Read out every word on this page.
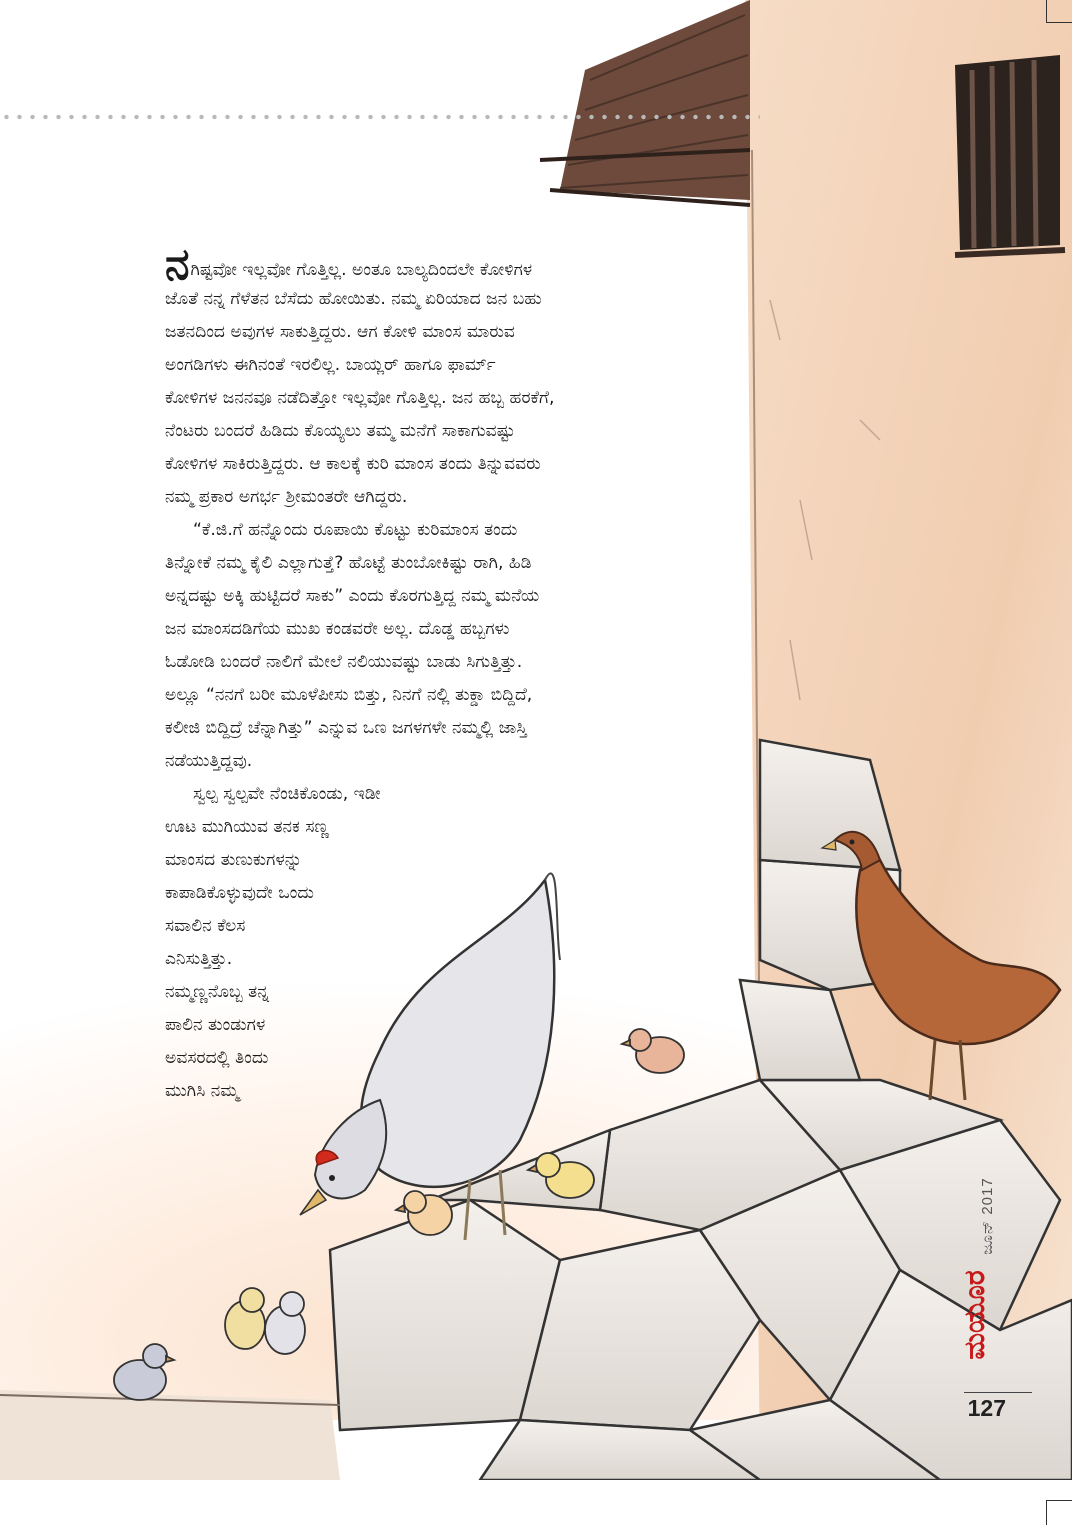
ನಗಿಷ್ಟವೋ ಇಲ್ಲವೋ ಗೊತ್ತಿಲ್ಲ. ಅಂತೂ ಬಾಲ್ಯದಿಂದಲೇ ಕೋಳಿಗಳ
ಜೊತೆ ನನ್ನ ಗೆಳೆತನ ಬೆಸೆದು ಹೋಯಿತು. ನಮ್ಮ ಏರಿಯಾದ ಜನ ಬಹು
ಜತನದಿಂದ ಅವುಗಳ ಸಾಕುತ್ತಿದ್ದರು. ಆಗ ಕೋಳಿ ಮಾಂಸ ಮಾರುವ
ಅಂಗಡಿಗಳು ಈಗಿನಂತೆ ಇರಲಿಲ್ಲ. ಬಾಯ್ಲರ್ ಹಾಗೂ ಫಾರ್ಮ್
ಕೋಳಿಗಳ ಜನನವೂ ನಡೆದಿತ್ತೋ ಇಲ್ಲವೋ ಗೊತ್ತಿಲ್ಲ. ಜನ ಹಬ್ಬ ಹರಕೆಗೆ,
ನೆಂಟರು ಬಂದರೆ ಹಿಡಿದು ಕೊಯ್ಯಲು ತಮ್ಮ ಮನೆಗೆ ಸಾಕಾಗುವಷ್ಟು
ಕೋಳಿಗಳ ಸಾಕಿರುತ್ತಿದ್ದರು. ಆ ಕಾಲಕ್ಕೆ ಕುರಿ ಮಾಂಸ ತಂದು ತಿನ್ನುವವರು
ನಮ್ಮ ಪ್ರಕಾರ ಅಗರ್ಭ ಶ್ರೀಮಂತರೇ ಆಗಿದ್ದರು.
“ಕೆ.ಜಿ.ಗೆ ಹನ್ನೊಂದು ರೂಪಾಯಿ ಕೊಟ್ಟು ಕುರಿಮಾಂಸ ತಂದು
ತಿನ್ನೋಕೆ ನಮ್ಮ ಕೈಲಿ ಎಲ್ಲಾಗುತ್ತೆ? ಹೊಟ್ಟೆ ತುಂಬೋಕಿಷ್ಟು ರಾಗಿ, ಹಿಡಿ
ಅನ್ನದಷ್ಟು ಅಕ್ಕಿ ಹುಟ್ಟಿದರೆ ಸಾಕು” ಎಂದು ಕೊರಗುತ್ತಿದ್ದ ನಮ್ಮ ಮನೆಯ
ಜನ ಮಾಂಸದಡಿಗೆಯ ಮುಖ ಕಂಡವರೇ ಅಲ್ಲ. ದೊಡ್ಡ ಹಬ್ಬಗಳು
ಓಡೋಡಿ ಬಂದರೆ ನಾಲಿಗೆ ಮೇಲೆ ನಲಿಯುವಷ್ಟು ಬಾಡು ಸಿಗುತ್ತಿತ್ತು.
ಅಲ್ಲೂ “ನನಗೆ ಬರೀ ಮೂಳೆಪೀಸು ಬಿತ್ತು, ನಿನಗೆ ನಲ್ಲಿ ತುಕ್ಡಾ ಬಿದ್ದಿದೆ,
ಕಲೀಜಿ ಬಿದ್ದಿದ್ರೆ ಚೆನ್ನಾಗಿತ್ತು” ಎನ್ನುವ ಒಣ ಜಗಳಗಳೇ ನಮ್ಮಲ್ಲಿ ಜಾಸ್ತಿ
ನಡೆಯುತ್ತಿದ್ದವು.
ಸ್ವಲ್ಪ ಸ್ವಲ್ಪವೇ ನೆಂಚಿಕೊಂಡು, ಇಡೀ
ಊಟ ಮುಗಿಯುವ ತನಕ ಸಣ್ಣ
ಮಾಂಸದ ತುಣುಕುಗಳನ್ನು
ಕಾಪಾಡಿಕೊಳ್ಳುವುದೇ ಒಂದು
ಸವಾಲಿನ ಕೆಲಸ
ಎನಿಸುತ್ತಿತ್ತು.
ನಮ್ಮಣ್ಣನೊಬ್ಬ ತನ್ನ
ಪಾಲಿನ ತುಂಡುಗಳ
ಅವಸರದಲ್ಲಿ ತಿಂದು
ಮುಗಿಸಿ ನಮ್ಮ
ಜೂನ್ 2017
ಮಯೂರ
127
